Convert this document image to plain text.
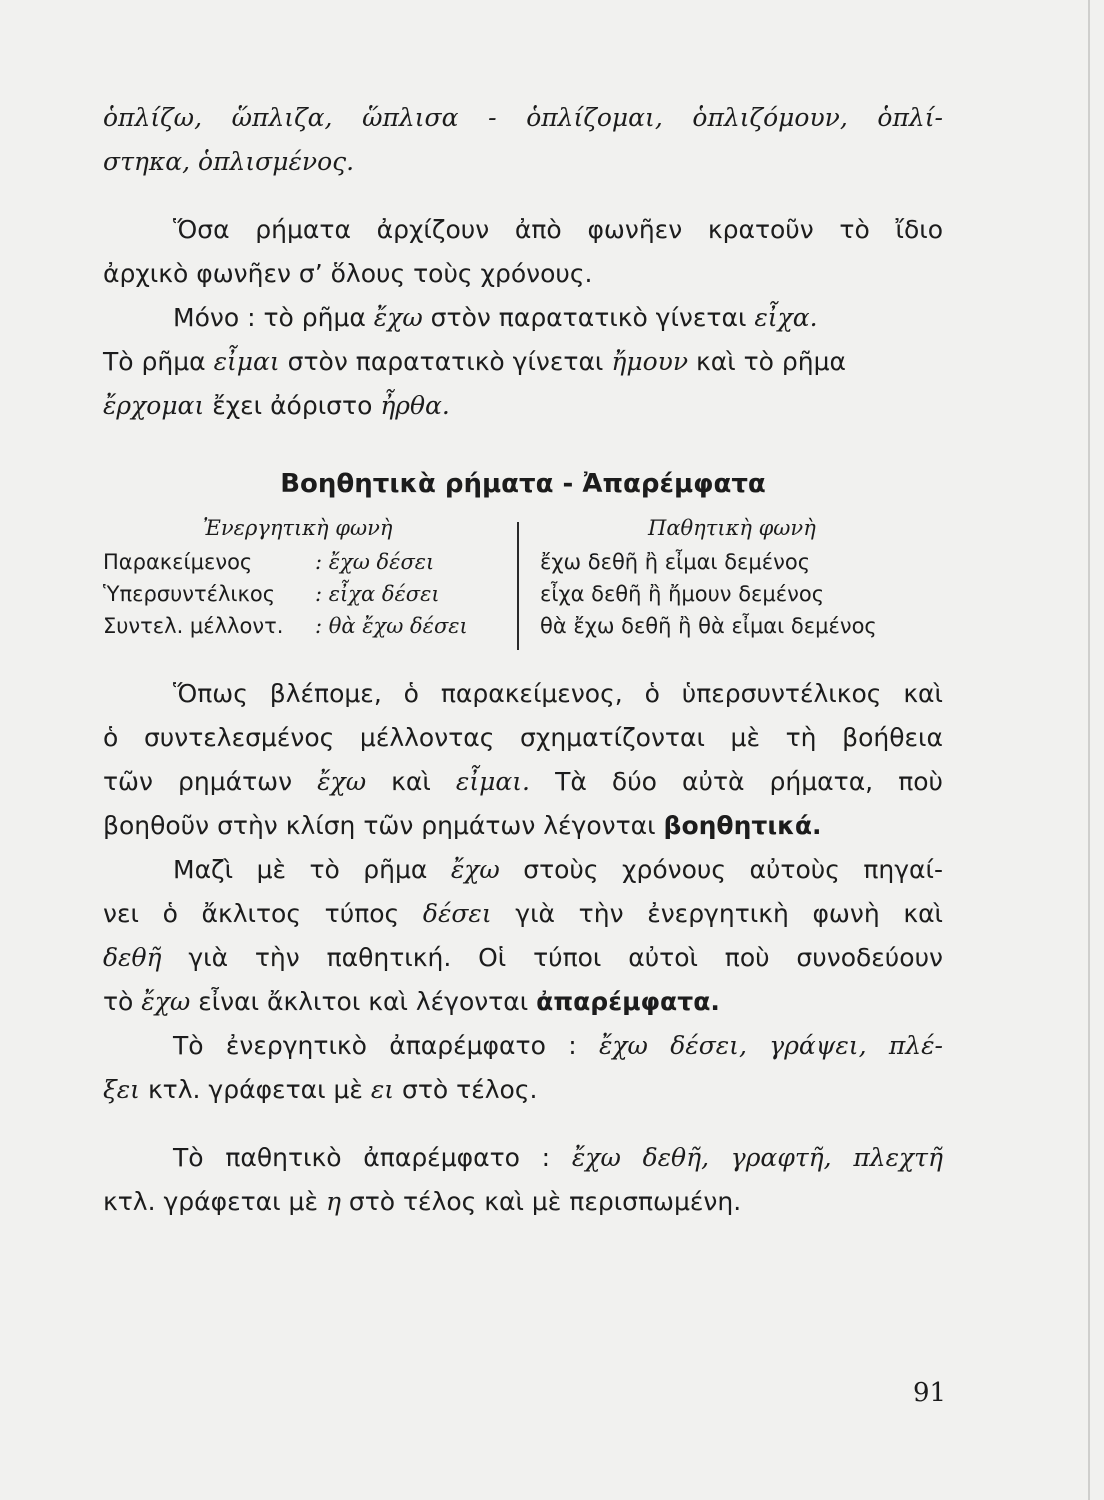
ὁπλίζω, ὥπλιζα, ὥπλισα - ὁπλίζομαι, ὁπλιζόμουν, ὁπλί-
στηκα, ὁπλισμένος.
Ὅσα ρήματα ἀρχίζουν ἀπὸ φωνῆεν κρατοῦν τὸ ἴδιο
ἀρχικὸ φωνῆεν σ’ ὅλους τοὺς χρόνους.
Μόνο : τὸ ρῆμα ἔχω στὸν παρατατικὸ γίνεται εἶχα.
Τὸ ρῆμα εἶμαι στὸν παρατατικὸ γίνεται ἤμουν καὶ τὸ ρῆμα
ἔρχομαι ἔχει ἀόριστο ἦρθα.
Βοηθητικὰ ρήματα - Ἀπαρέμφατα
Ἐνεργητικὴ φωνὴ	Παθητικὴ φωνὴ
Παρακείμενος	: ἔχω δέσει	ἔχω δεθῆ ἢ εἶμαι δεμένος
Ὑπερσυντέλικος : εἶχα δέσει	εἶχα δεθῆ ἢ ἤμουν δεμένος
Συντελ. μέλλοντ. : θὰ ἔχω δέσει	θὰ ἔχω δεθῆ ἢ θὰ εἶμαι δεμένος
Ὅπως βλέπομε, ὁ παρακείμενος, ὁ ὑπερσυντέλικος καὶ
ὁ συντελεσμένος μέλλοντας σχηματίζονται μὲ τὴ βοήθεια
τῶν ρημάτων ἔχω καὶ εἶμαι. Τὰ δύο αὐτὰ ρήματα, ποὺ
βοηθοῦν στὴν κλίση τῶν ρημάτων λέγονται βοηθητικά.
Μαζὶ μὲ τὸ ρῆμα ἔχω στοὺς χρόνους αὐτοὺς πηγαί-
νει ὁ ἄκλιτος τύπος δέσει γιὰ τὴν ἐνεργητικὴ φωνὴ καὶ
δεθῆ γιὰ τὴν παθητική. Οἱ τύποι αὐτοὶ ποὺ συνοδεύουν
τὸ ἔχω εἶναι ἄκλιτοι καὶ λέγονται ἀπαρέμφατα.
Τὸ ἐνεργητικὸ ἀπαρέμφατο : ἔχω δέσει, γράψει, πλέ-
ξει κτλ. γράφεται μὲ ει στὸ τέλος.
Τὸ παθητικὸ ἀπαρέμφατο : ἔχω δεθῆ, γραφτῆ, πλεχτῆ
κτλ. γράφεται μὲ η στὸ τέλος καὶ μὲ περισπωμένη.
91
